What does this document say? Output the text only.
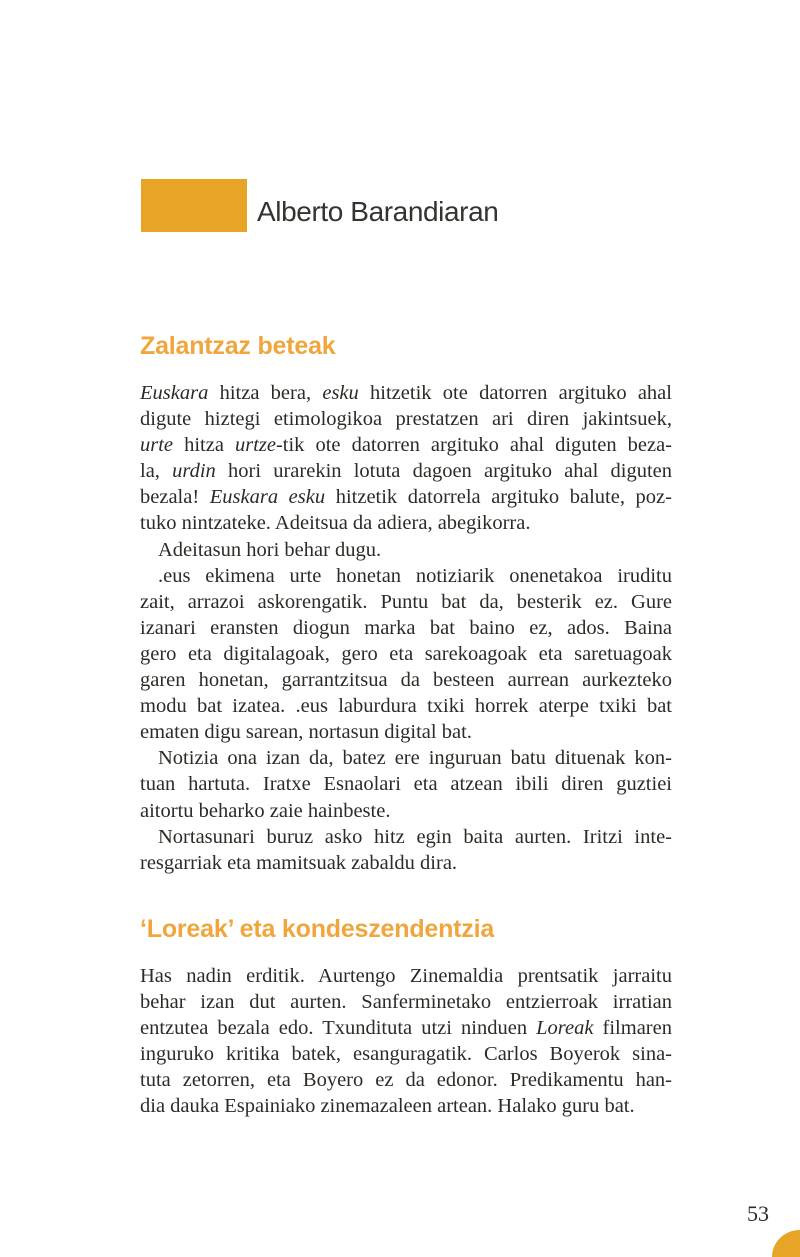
Alberto Barandiaran
Zalantzaz beteak
Euskara hitza bera, esku hitzetik ote datorren argituko ahal
digute hiztegi etimologikoa prestatzen ari diren jakintsuek,
urte hitza urtze-tik ote datorren argituko ahal diguten beza-
la, urdin hori urarekin lotuta dagoen argituko ahal diguten
bezala! Euskara esku hitzetik datorrela argituko balute, poz-
tuko nintzateke. Adeitsua da adiera, abegikorra.
Adeitasun hori behar dugu.
.eus ekimena urte honetan notiziarik onenetakoa iruditu
zait, arrazoi askorengatik. Puntu bat da, besterik ez. Gure
izanari eransten diogun marka bat baino ez, ados. Baina
gero eta digitalagoak, gero eta sarekoagoak eta saretuagoak
garen honetan, garrantzitsua da besteen aurrean aurkezteko
modu bat izatea. .eus laburdura txiki horrek aterpe txiki bat
ematen digu sarean, nortasun digital bat.
Notizia ona izan da, batez ere inguruan batu dituenak kon-
tuan hartuta. Iratxe Esnaolari eta atzean ibili diren guztiei
aitortu beharko zaie hainbeste.
Nortasunari buruz asko hitz egin baita aurten. Iritzi inte-
resgarriak eta mamitsuak zabaldu dira.
‘Loreak’ eta kondeszendentzia
Has nadin erditik. Aurtengo Zinemaldia prentsatik jarraitu
behar izan dut aurten. Sanferminetako entzierroak irratian
entzutea bezala edo. Txundituta utzi ninduen Loreak filmaren
inguruko kritika batek, esanguragatik. Carlos Boyerok sina-
tuta zetorren, eta Boyero ez da edonor. Predikamentu han-
dia dauka Espainiako zinemazaleen artean. Halako guru bat.
53
